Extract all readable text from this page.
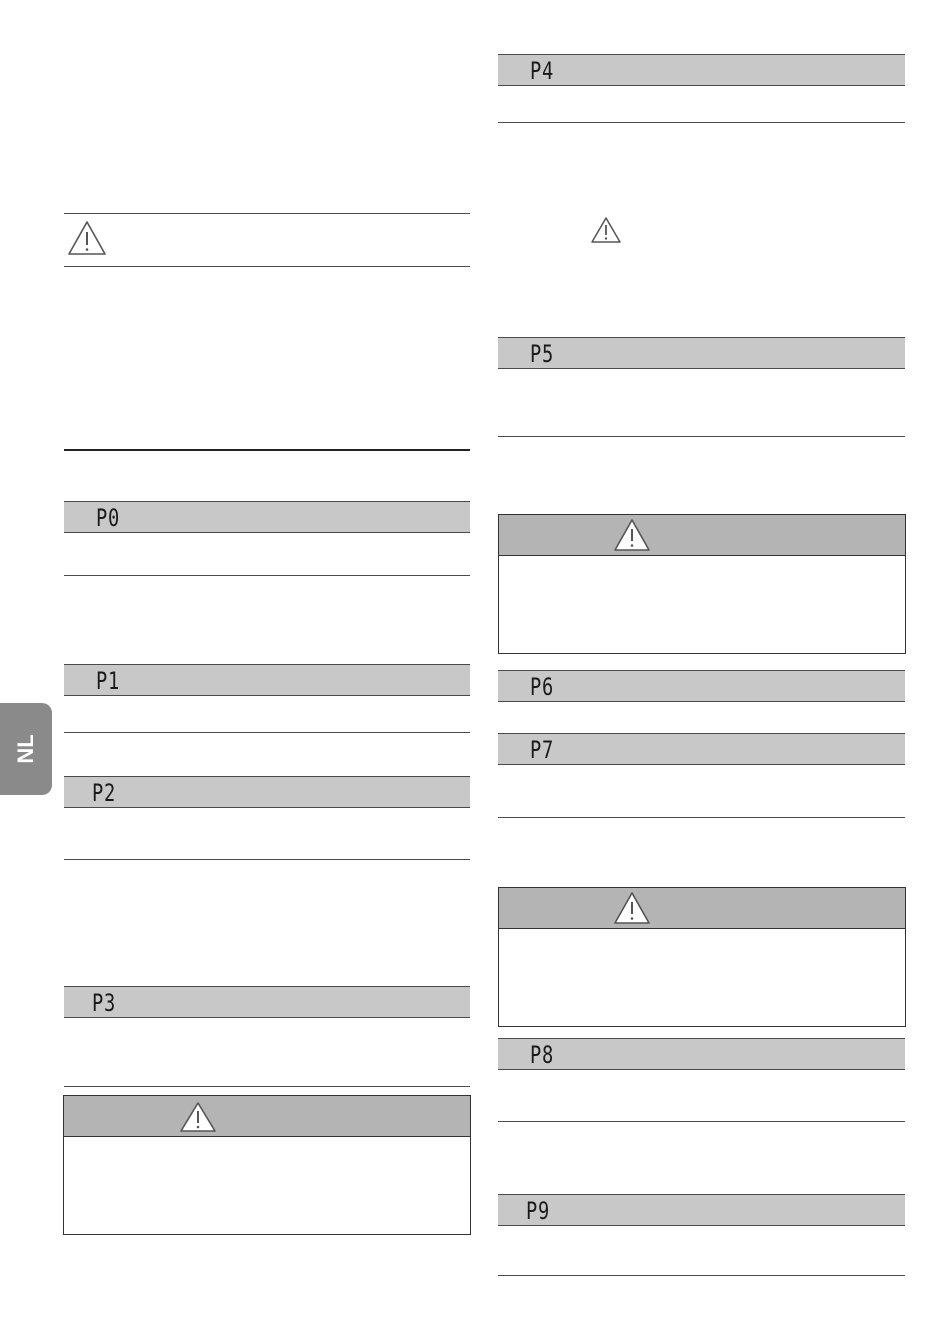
NL
P0
P1
P2
P3
P4
P5
P6
P7
P8
P9
